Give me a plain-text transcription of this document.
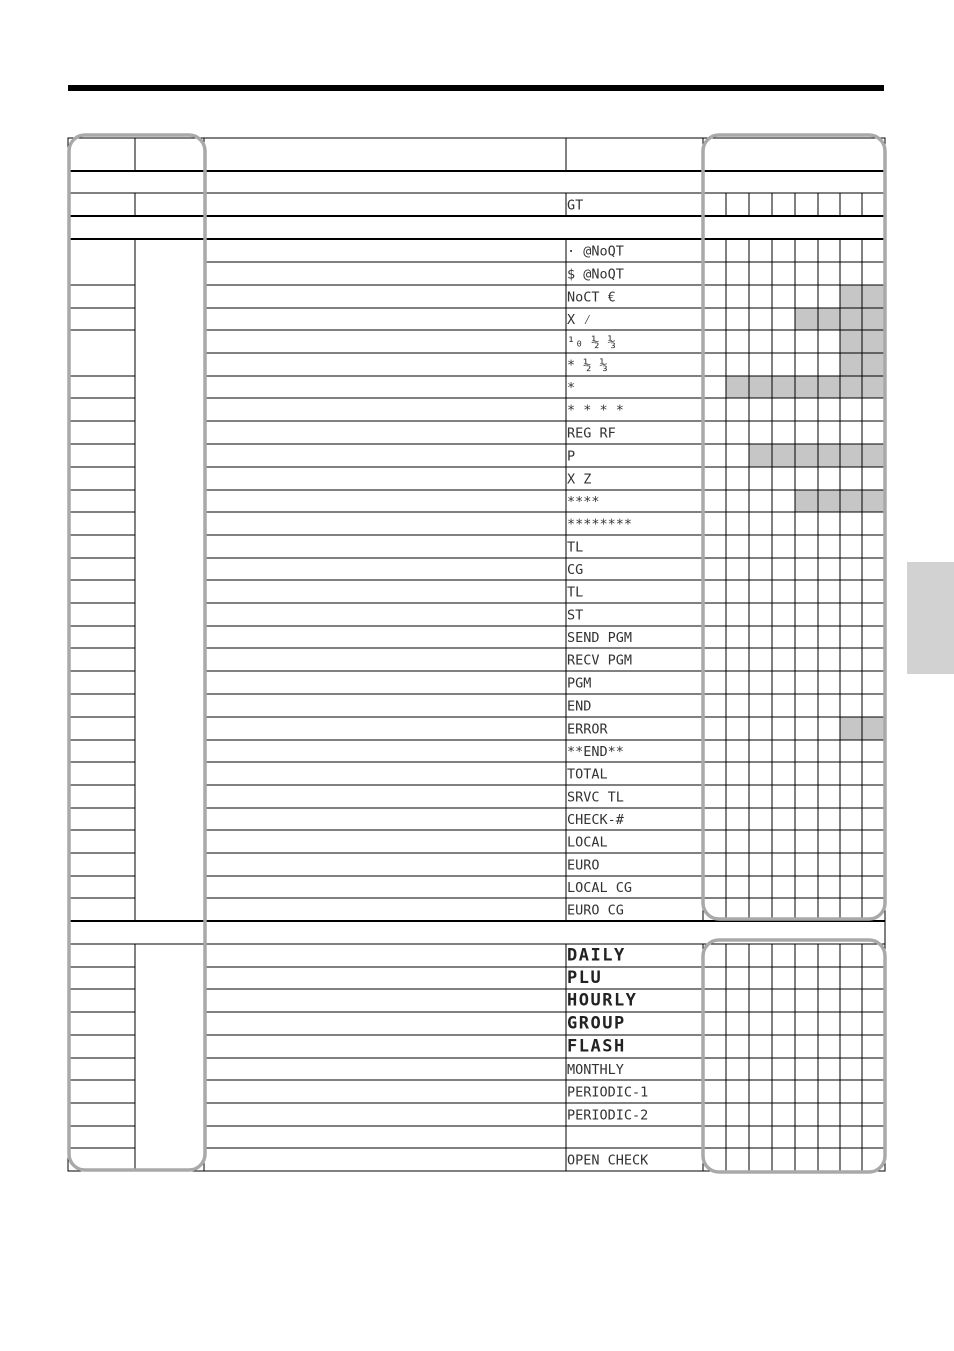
GT
· @NoQT
$ @NoQT
NoCT €
X ⁄
¹₀ ½ ⅓
* ½ ⅓
*
* * * *
REG RF
P
X Z
****
********
TL
CG
TL
ST
SEND PGM
RECV PGM
PGM
END
ERROR
**END**
TOTAL
SRVC TL
CHECK-#
LOCAL
EURO
LOCAL CG
EURO CG
DAILY
PLU
HOURLY
GROUP
FLASH
MONTHLY
PERIODIC-1
PERIODIC-2
OPEN CHECK
